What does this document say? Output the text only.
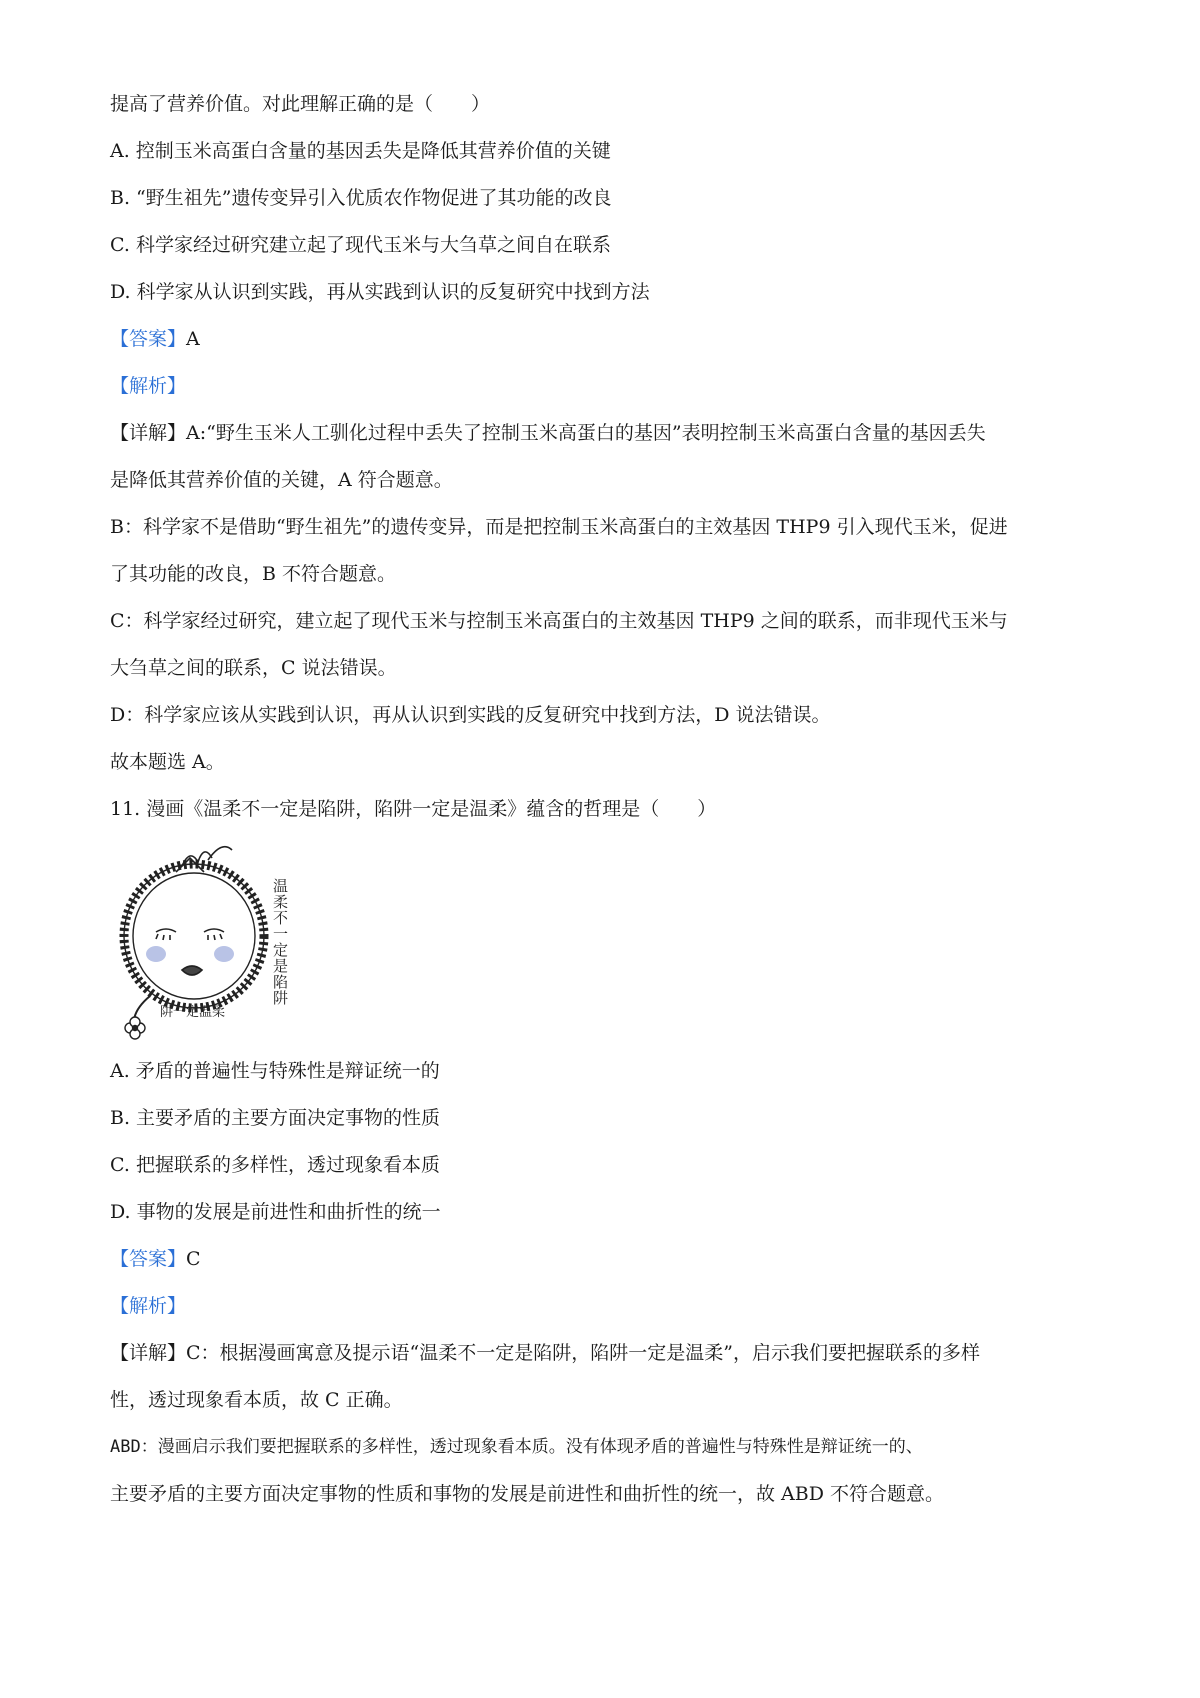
提高了营养价值。对此理解正确的是（　　）
A. 控制玉米高蛋白含量的基因丢失是降低其营养价值的关键
B. “野生祖先”遗传变异引入优质农作物促进了其功能的改良
C. 科学家经过研究建立起了现代玉米与大刍草之间自在联系
D. 科学家从认识到实践，再从实践到认识的反复研究中找到方法
【答案】A
【解析】
【详解】A:“野生玉米人工驯化过程中丢失了控制玉米高蛋白的基因”表明控制玉米高蛋白含量的基因丢失
是降低其营养价值的关键，A 符合题意。
B：科学家不是借助“野生祖先”的遗传变异，而是把控制玉米高蛋白的主效基因 THP9 引入现代玉米，促进
了其功能的改良，B 不符合题意。
C：科学家经过研究，建立起了现代玉米与控制玉米高蛋白的主效基因 THP9 之间的联系，而非现代玉米与
大刍草之间的联系，C 说法错误。
D：科学家应该从实践到认识，再从认识到实践的反复研究中找到方法，D 说法错误。
故本题选 A。
11. 漫画《温柔不一定是陷阱，陷阱一定是温柔》蕴含的哲理是（　　）
温柔不一定是陷阱
阱一定温柔
A. 矛盾的普遍性与特殊性是辩证统一的
B. 主要矛盾的主要方面决定事物的性质
C. 把握联系的多样性，透过现象看本质
D. 事物的发展是前进性和曲折性的统一
【答案】C
【解析】
【详解】C：根据漫画寓意及提示语“温柔不一定是陷阱，陷阱一定是温柔”，启示我们要把握联系的多样
性，透过现象看本质，故 C 正确。
ABD：漫画启示我们要把握联系的多样性，透过现象看本质。没有体现矛盾的普遍性与特殊性是辩证统一的、
主要矛盾的主要方面决定事物的性质和事物的发展是前进性和曲折性的统一，故 ABD 不符合题意。
